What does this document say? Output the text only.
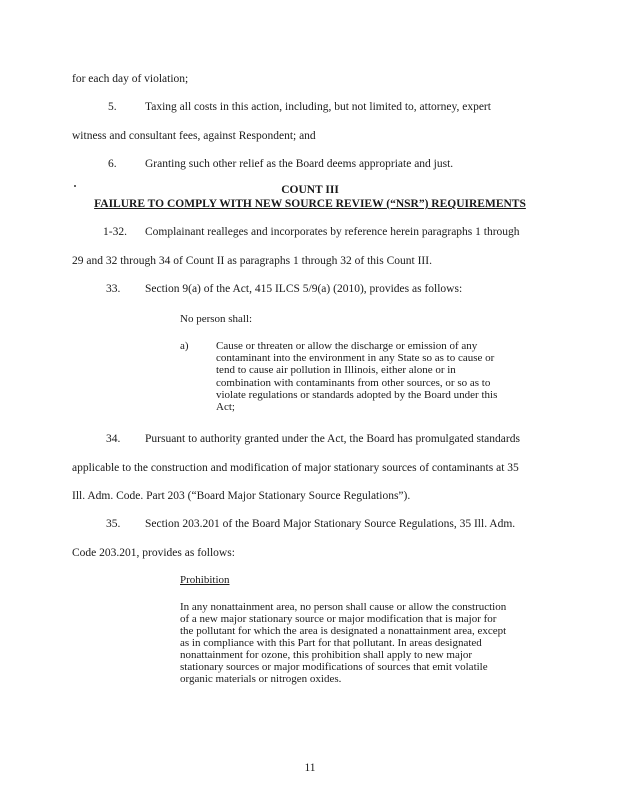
for each day of violation;
5. Taxing all costs in this action, including, but not limited to, attorney, expert
witness and consultant fees, against Respondent; and
6. Granting such other relief as the Board deems appropriate and just.
COUNT III
FAILURE TO COMPLY WITH NEW SOURCE REVIEW (“NSR”) REQUIREMENTS
1-32. Complainant realleges and incorporates by reference herein paragraphs 1 through
29 and 32 through 34 of Count II as paragraphs 1 through 32 of this Count III.
33. Section 9(a) of the Act, 415 ILCS 5/9(a) (2010), provides as follows:
No person shall:
a) Cause or threaten or allow the discharge or emission of any
contaminant into the environment in any State so as to cause or
tend to cause air pollution in Illinois, either alone or in
combination with contaminants from other sources, or so as to
violate regulations or standards adopted by the Board under this
Act;
34. Pursuant to authority granted under the Act, the Board has promulgated standards
applicable to the construction and modification of major stationary sources of contaminants at 35
Ill. Adm. Code. Part 203 (“Board Major Stationary Source Regulations”).
35. Section 203.201 of the Board Major Stationary Source Regulations, 35 Ill. Adm.
Code 203.201, provides as follows:
Prohibition
In any nonattainment area, no person shall cause or allow the construction
of a new major stationary source or major modification that is major for
the pollutant for which the area is designated a nonattainment area, except
as in compliance with this Part for that pollutant. In areas designated
nonattainment for ozone, this prohibition shall apply to new major
stationary sources or major modifications of sources that emit volatile
organic materials or nitrogen oxides.
11
